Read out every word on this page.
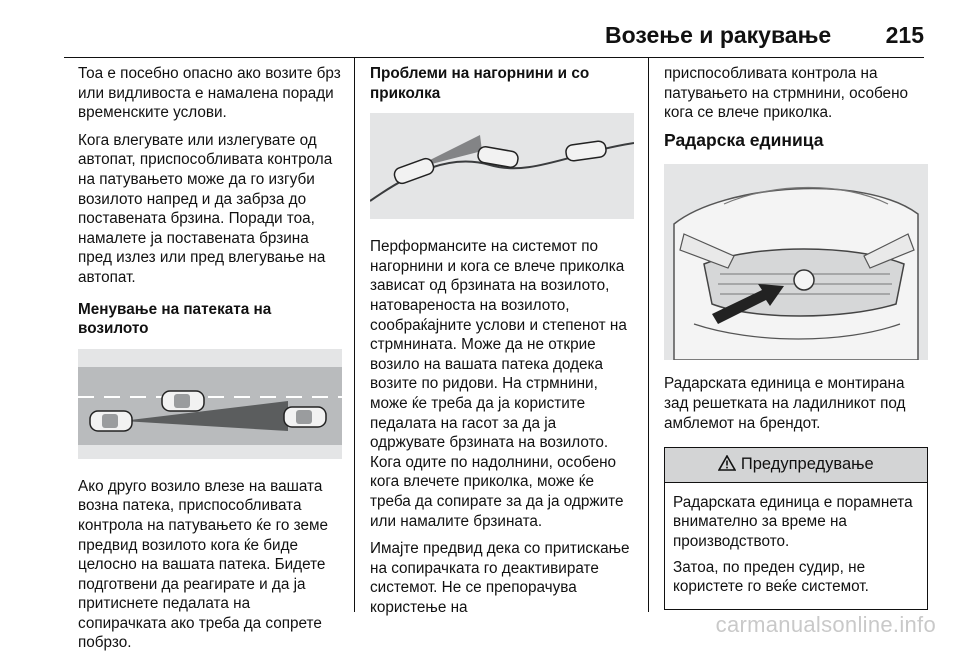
Возење и ракување 215

Тоа е посебно опасно ако возите брз или видливоста е намалена поради временските услови.

Кога влегувате или излегувате од автопат, приспособливата контрола на патувањето може да го изгуби возилото напред и да забрза до поставената брзина. Поради тоа, намалете ја поставената брзина пред излез или пред влегување на автопат.

Менување на патеката на возилото

Ако друго возило влезе на вашата возна патека, приспособливата контрола на патувањето ќе го земе предвид возилото кога ќе биде целосно на вашата патека. Бидете подготвени да реагирате и да ја притиснете педалата на сопирачката ако треба да сопрете побрзо.

Проблеми на нагорнини и со приколка

Перформансите на системот по нагорнини и кога се влече приколка зависат од брзината на возилото, натовареноста на возилото, сообраќајните услови и степенот на стрмнината. Може да не открие возило на вашата патека додека возите по ридови. На стрмнини, може ќе треба да ја користите педалата на гасот за да ја одржувате брзината на возилото. Кога одите по надолнини, особено кога влечете приколка, може ќе треба да сопирате за да ја одржите или намалите брзината.

Имајте предвид дека со притискање на сопирачката го деактивирате системот. Не се препорачува користење на

приспособливата контрола на патувањето на стрмнини, особено кога се влече приколка.

Радарска единица

Радарската единица е монтирана зад решетката на ладилникот под амблемот на брендот.

Предупредување

Радарската единица е порамнета внимателно за време на производството.

Затоа, по преден судир, не користете го веќе системот.

carmanualsonline.info
